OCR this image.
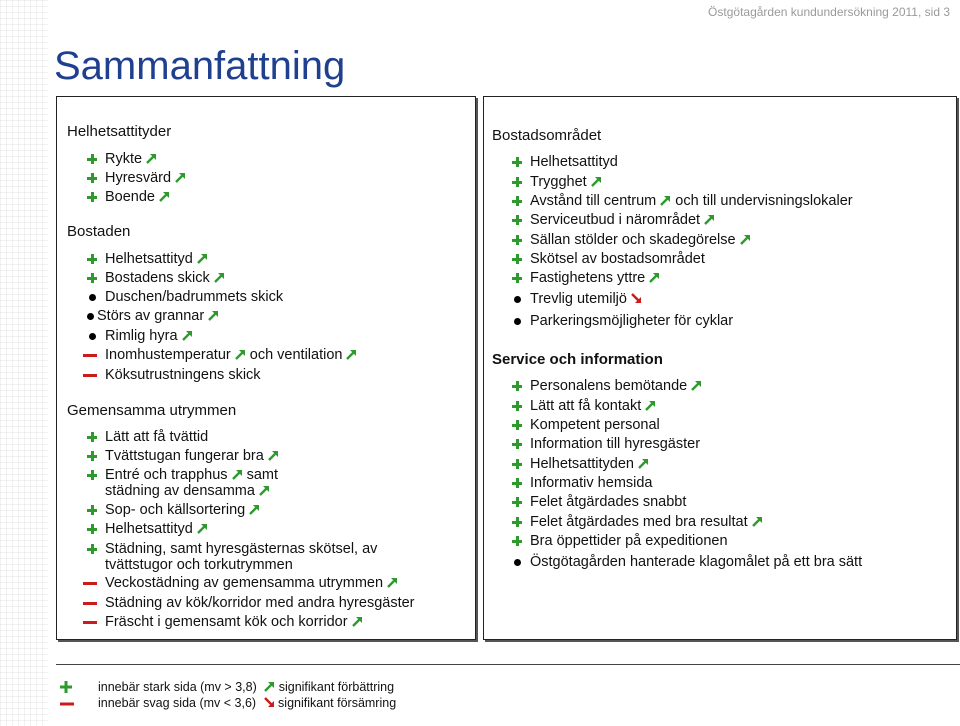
Östgötagården kundundersökning 2011, sid 3
Sammanfattning
Helhetsattityder
Rykte
Hyresvärd
Boende
Bostaden
Helhetsattityd
Bostadens skick
Duschen/badrummets skick
Störs av grannar
Rimlig hyra
Inomhustemperatur och ventilation
Köksutrustningens skick
Gemensamma utrymmen
Lätt att få tvättid
Tvättstugan fungerar bra
Entré och trapphus samt
städning av densamma
Sop- och källsortering
Helhetsattityd
Städning, samt hyresgästernas skötsel, av
tvättstugor och torkutrymmen
Veckostädning av gemensamma utrymmen
Städning av kök/korridor med andra hyresgäster
Fräscht i gemensamt kök och korridor
Bostadsområdet
Helhetsattityd
Trygghet
Avstånd till centrum och till undervisningslokaler
Serviceutbud i närområdet
Sällan stölder och skadegörelse
Skötsel av bostadsområdet
Fastighetens yttre
Trevlig utemiljö
Parkeringsmöjligheter för cyklar
Service och information
Personalens bemötande
Lätt att få kontakt
Kompetent personal
Information till hyresgäster
Helhetsattityden
Informativ hemsida
Felet åtgärdades snabbt
Felet åtgärdades med bra resultat
Bra öppettider på expeditionen
Östgötagården hanterade klagomålet på ett bra sätt
innebär stark sida (mv > 3,8) signifikant förbättring
innebär svag sida (mv < 3,6) signifikant försämring
